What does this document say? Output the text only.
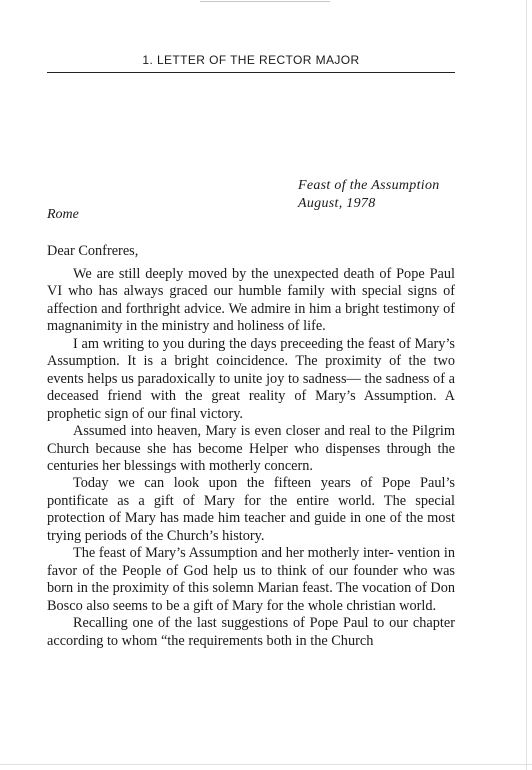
1. LETTER OF THE RECTOR MAJOR
Feast of the Assumption
August, 1978
Rome
Dear Confreres,

We are still deeply moved by the unexpected death of Pope Paul VI who has always graced our humble family with special signs of affection and forthright advice. We admire in him a bright testimony of magnanimity in the ministry and holiness of life.

I am writing to you during the days preceeding the feast of Mary’s Assumption. It is a bright coincidence. The proximity of the two events helps us paradoxically to unite joy to sadness— the sadness of a deceased friend with the great reality of Mary’s Assumption. A prophetic sign of our final victory.

Assumed into heaven, Mary is even closer and real to the Pilgrim Church because she has become Helper who dispenses through the centuries her blessings with motherly concern.

Today we can look upon the fifteen years of Pope Paul’s pontificate as a gift of Mary for the entire world. The special protection of Mary has made him teacher and guide in one of the most trying periods of the Church’s history.

The feast of Mary’s Assumption and her motherly inter- vention in favor of the People of God help us to think of our founder who was born in the proximity of this solemn Marian feast. The vocation of Don Bosco also seems to be a gift of Mary for the whole christian world.

Recalling one of the last suggestions of Pope Paul to our chapter according to whom “the requirements both in the Church
